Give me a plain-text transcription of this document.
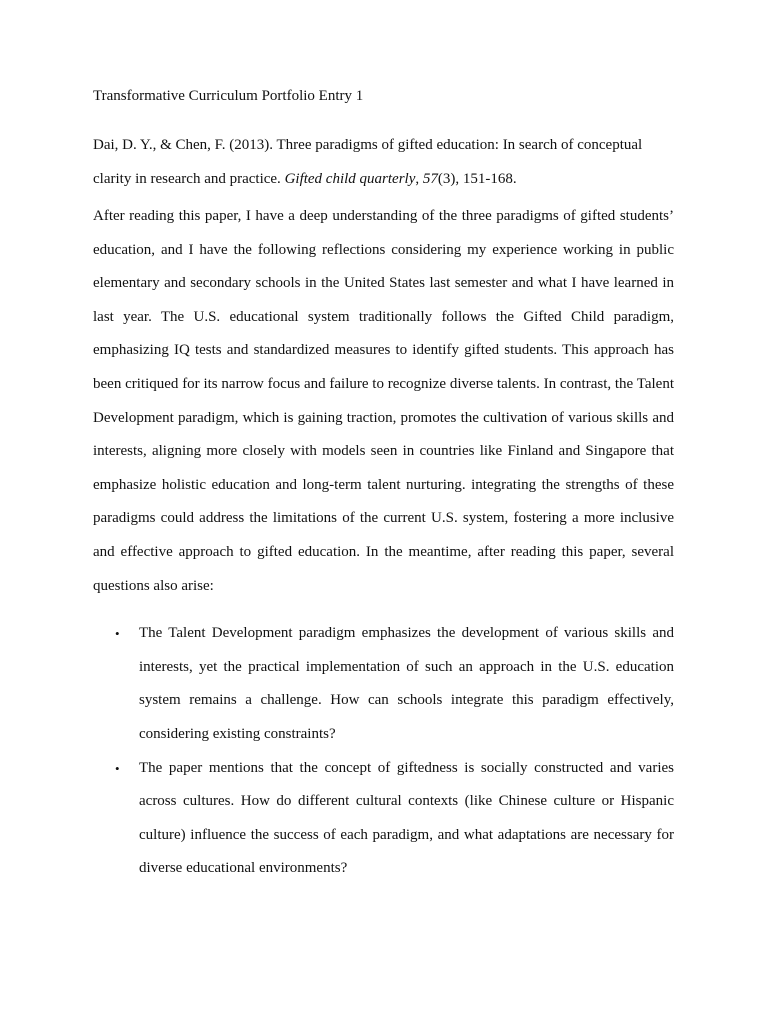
Transformative Curriculum Portfolio Entry 1

Dai, D. Y., & Chen, F. (2013). Three paradigms of gifted education: In search of conceptual clarity in research and practice. Gifted child quarterly, 57(3), 151-168.

After reading this paper, I have a deep understanding of the three paradigms of gifted students’ education, and I have the following reflections considering my experience working in public elementary and secondary schools in the United States last semester and what I have learned in last year. The U.S. educational system traditionally follows the Gifted Child paradigm, emphasizing IQ tests and standardized measures to identify gifted students. This approach has been critiqued for its narrow focus and failure to recognize diverse talents. In contrast, the Talent Development paradigm, which is gaining traction, promotes the cultivation of various skills and interests, aligning more closely with models seen in countries like Finland and Singapore that emphasize holistic education and long-term talent nurturing. integrating the strengths of these paradigms could address the limitations of the current U.S. system, fostering a more inclusive and effective approach to gifted education. In the meantime, after reading this paper, several questions also arise:

• The Talent Development paradigm emphasizes the development of various skills and interests, yet the practical implementation of such an approach in the U.S. education system remains a challenge. How can schools integrate this paradigm effectively, considering existing constraints?
• The paper mentions that the concept of giftedness is socially constructed and varies across cultures. How do different cultural contexts (like Chinese culture or Hispanic culture) influence the success of each paradigm, and what adaptations are necessary for diverse educational environments?
